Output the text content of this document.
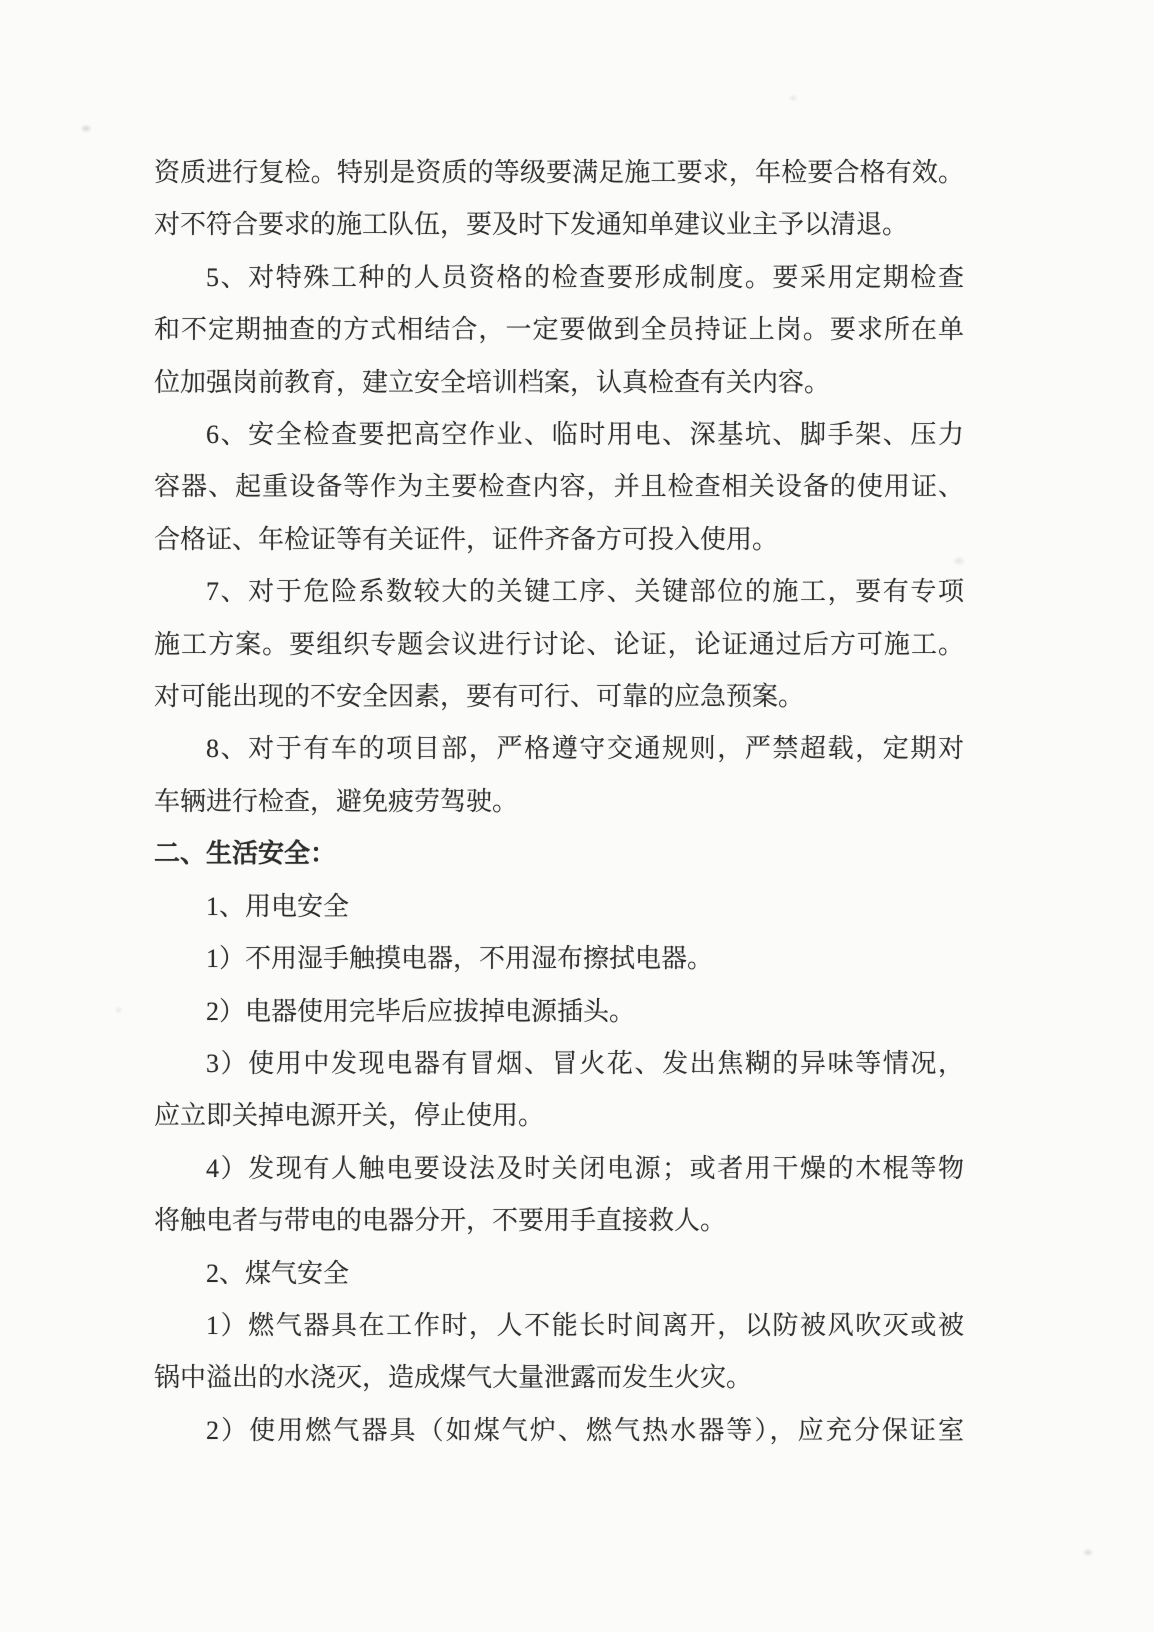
资质进行复检。特别是资质的等级要满足施工要求，年检要合格有效。
对不符合要求的施工队伍，要及时下发通知单建议业主予以清退。
5、对特殊工种的人员资格的检查要形成制度。要采用定期检查
和不定期抽查的方式相结合，一定要做到全员持证上岗。要求所在单
位加强岗前教育，建立安全培训档案，认真检查有关内容。
6、安全检查要把高空作业、临时用电、深基坑、脚手架、压力
容器、起重设备等作为主要检查内容，并且检查相关设备的使用证、
合格证、年检证等有关证件，证件齐备方可投入使用。
7、对于危险系数较大的关键工序、关键部位的施工，要有专项
施工方案。要组织专题会议进行讨论、论证，论证通过后方可施工。
对可能出现的不安全因素，要有可行、可靠的应急预案。
8、对于有车的项目部，严格遵守交通规则，严禁超载，定期对
车辆进行检查，避免疲劳驾驶。
二、生活安全：
1、用电安全
1）不用湿手触摸电器，不用湿布擦拭电器。
2）电器使用完毕后应拔掉电源插头。
3）使用中发现电器有冒烟、冒火花、发出焦糊的异味等情况，
应立即关掉电源开关，停止使用。
4）发现有人触电要设法及时关闭电源；或者用干燥的木棍等物
将触电者与带电的电器分开，不要用手直接救人。
2、煤气安全
1）燃气器具在工作时，人不能长时间离开，以防被风吹灭或被
锅中溢出的水浇灭，造成煤气大量泄露而发生火灾。
2）使用燃气器具（如煤气炉、燃气热水器等），应充分保证室
